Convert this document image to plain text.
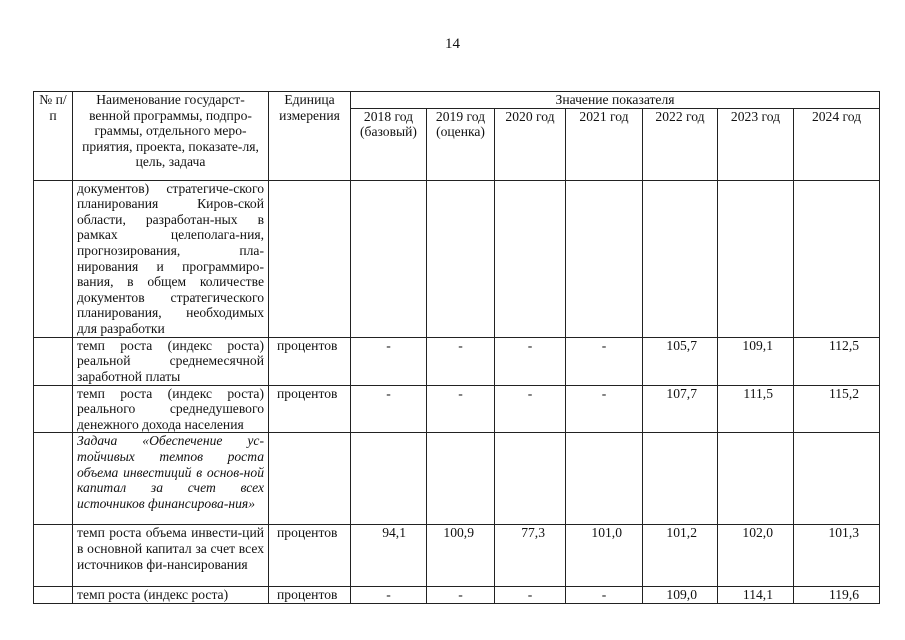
14
№ п/п	Наименование государст-венной программы, подпро-граммы, отдельного меро-приятия, проекта, показате-ля, цель, задача	Единица измерения	Значение показателя						
			2018 год (базовый)	2019 год (оценка)	2020 год	2021 год	2022 год	2023 год	2024 год
	документов) стратегиче-ского планирования Киров-ской области, разработан-ных в рамках целеполага-ния, прогнозирования, пла-нирования и программиро-вания, в общем количестве документов стратегического планирования, необходимых для разработки								
	темп роста (индекс роста) реальной среднемесячной заработной платы	процентов	-	-	-	-	105,7	109,1	112,5
	темп роста (индекс роста) реального среднедушевого денежного дохода населения	процентов	-	-	-	-	107,7	111,5	115,2
	Задача «Обеспечение ус-тойчивых темпов роста объема инвестиций в основ-ной капитал за счет всех источников финансирова-ния»								
	темп роста объема инвести-ций в основной капитал за счет всех источников фи-нансирования	процентов	94,1	100,9	77,3	101,0	101,2	102,0	101,3
	темп роста (индекс роста)	процентов	-	-	-	-	109,0	114,1	119,6
